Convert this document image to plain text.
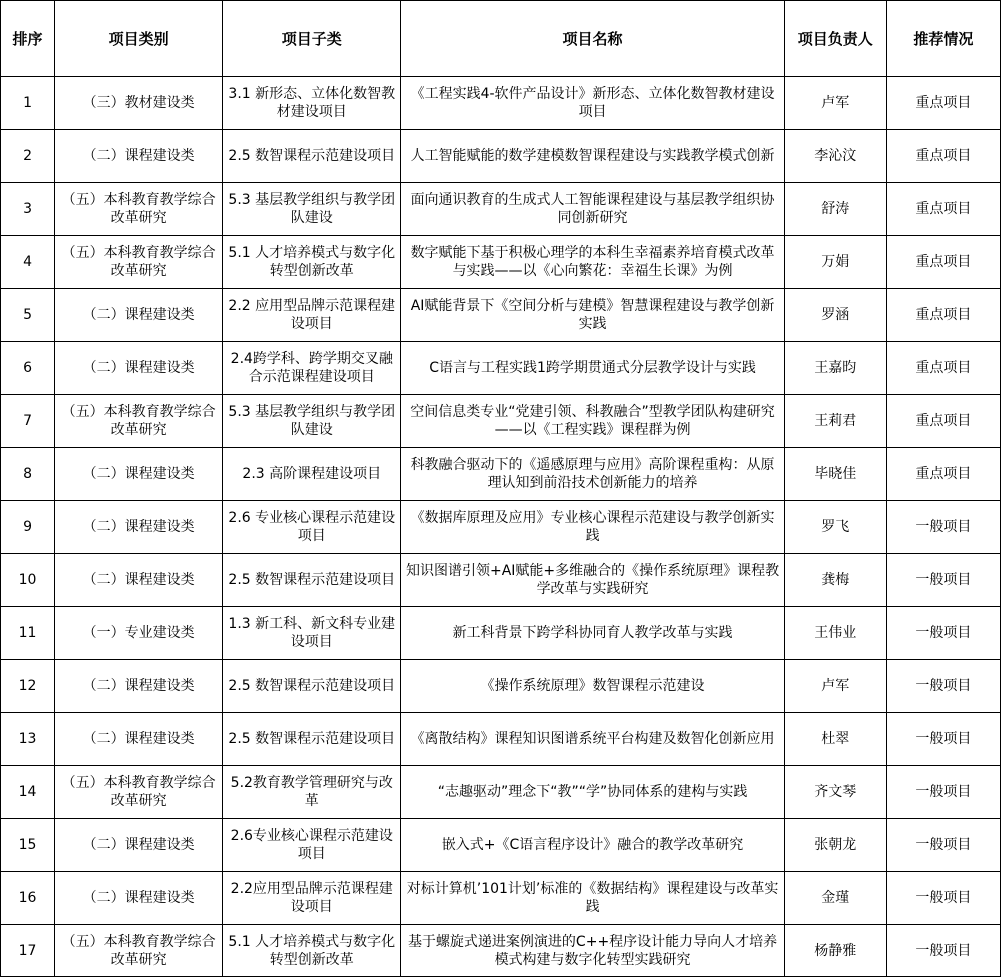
排序	项目类别	项目子类	项目名称	项目负责人	推荐情况
1	（三）教材建设类	3.1 新形态、立体化数智教材建设项目	《工程实践4-软件产品设计》新形态、立体化数智教材建设项目	卢军	重点项目
2	（二）课程建设类	2.5 数智课程示范建设项目	人工智能赋能的数学建模数智课程建设与实践教学模式创新	李沁汶	重点项目
3	（五）本科教育教学综合改革研究	5.3 基层教学组织与教学团队建设	面向通识教育的生成式人工智能课程建设与基层教学组织协同创新研究	舒涛	重点项目
4	（五）本科教育教学综合改革研究	5.1 人才培养模式与数字化转型创新改革	数字赋能下基于积极心理学的本科生幸福素养培育模式改革与实践——以《心向繁花：幸福生长课》为例	万娟	重点项目
5	（二）课程建设类	2.2 应用型品牌示范课程建设项目	AI赋能背景下《空间分析与建模》智慧课程建设与教学创新实践	罗涵	重点项目
6	（二）课程建设类	2.4跨学科、跨学期交叉融合示范课程建设项目	C语言与工程实践1跨学期贯通式分层教学设计与实践	王嘉昀	重点项目
7	（五）本科教育教学综合改革研究	5.3 基层教学组织与教学团队建设	空间信息类专业“党建引领、科教融合”型教学团队构建研究——以《工程实践》课程群为例	王莉君	重点项目
8	（二）课程建设类	2.3 高阶课程建设项目	科教融合驱动下的《遥感原理与应用》高阶课程重构：从原理认知到前沿技术创新能力的培养	毕晓佳	重点项目
9	（二）课程建设类	2.6 专业核心课程示范建设项目	《数据库原理及应用》专业核心课程示范建设与教学创新实践	罗飞	一般项目
10	（二）课程建设类	2.5 数智课程示范建设项目	知识图谱引领+AI赋能+多维融合的《操作系统原理》课程教学改革与实践研究	龚梅	一般项目
11	（一）专业建设类	1.3 新工科、新文科专业建设项目	新工科背景下跨学科协同育人教学改革与实践	王伟业	一般项目
12	（二）课程建设类	2.5 数智课程示范建设项目	《操作系统原理》数智课程示范建设	卢军	一般项目
13	（二）课程建设类	2.5 数智课程示范建设项目	《离散结构》课程知识图谱系统平台构建及数智化创新应用	杜翠	一般项目
14	（五）本科教育教学综合改革研究	5.2教育教学管理研究与改革	“志趣驱动”理念下“教”“学”协同体系的建构与实践	齐文琴	一般项目
15	（二）课程建设类	2.6专业核心课程示范建设项目	嵌入式+《C语言程序设计》融合的教学改革研究	张朝龙	一般项目
16	（二）课程建设类	2.2应用型品牌示范课程建设项目	对标计算机’101计划’标准的《数据结构》课程建设与改革实践	金瑾	一般项目
17	（五）本科教育教学综合改革研究	5.1 人才培养模式与数字化转型创新改革	基于螺旋式递进案例演进的C++程序设计能力导向人才培养模式构建与数字化转型实践研究	杨静雅	一般项目
